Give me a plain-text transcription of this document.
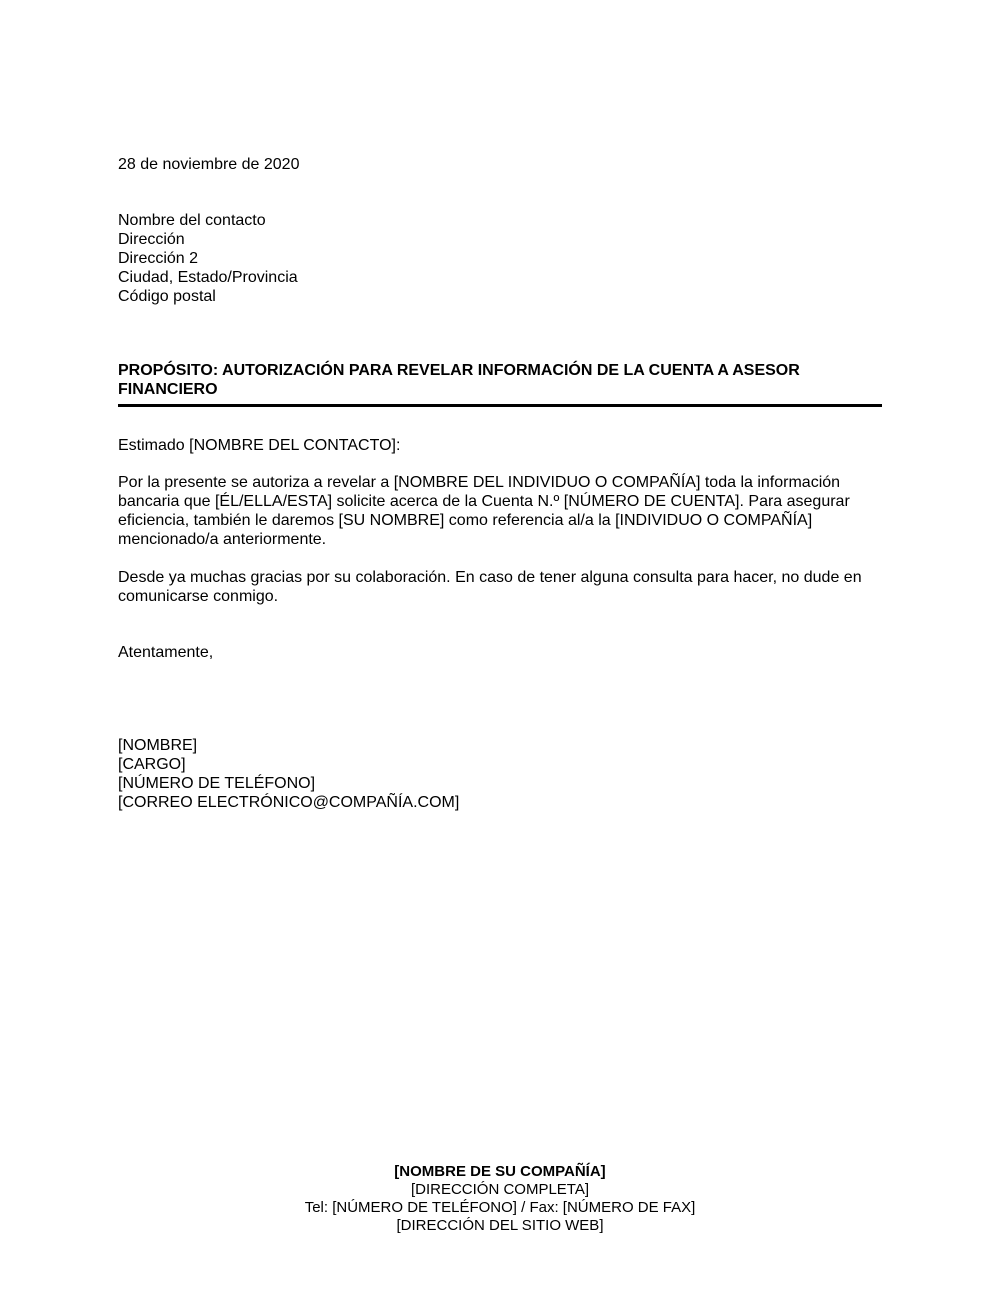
28 de noviembre de 2020
Nombre del contacto
Dirección
Dirección 2
Ciudad, Estado/Provincia
Código postal

PROPÓSITO: AUTORIZACIÓN PARA REVELAR INFORMACIÓN DE LA CUENTA A ASESOR FINANCIERO

Estimado [NOMBRE DEL CONTACTO]:

Por la presente se autoriza a revelar a [NOMBRE DEL INDIVIDUO O COMPAÑÍA] toda la información bancaria que [ÉL/ELLA/ESTA] solicite acerca de la Cuenta N.º [NÚMERO DE CUENTA]. Para asegurar eficiencia, también le daremos [SU NOMBRE] como referencia al/a la [INDIVIDUO O COMPAÑÍA] mencionado/a anteriormente.

Desde ya muchas gracias por su colaboración. En caso de tener alguna consulta para hacer, no dude en comunicarse conmigo.

Atentamente,

[NOMBRE]
[CARGO]
[NÚMERO DE TELÉFONO]
[CORREO ELECTRÓNICO@COMPAÑÍA.COM]
[NOMBRE DE SU COMPAÑÍA]
[DIRECCIÓN COMPLETA]
Tel: [NÚMERO DE TELÉFONO] / Fax: [NÚMERO DE FAX]
[DIRECCIÓN DEL SITIO WEB]
